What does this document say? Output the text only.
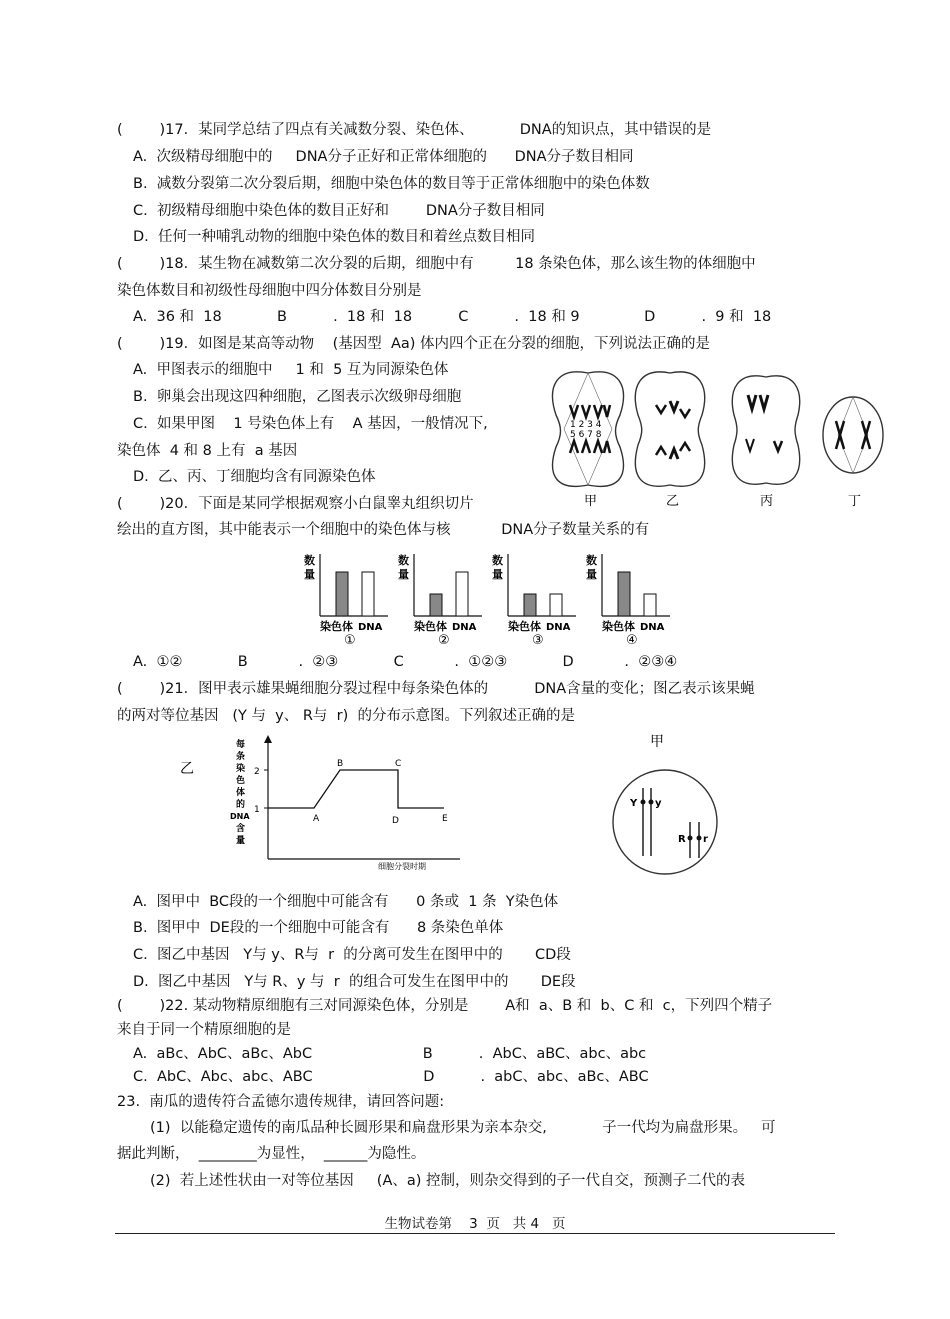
(        )17．某同学总结了四点有关减数分裂、染色体、          DNA的知识点，其中错误的是
A.  次级精母细胞中的     DNA分子正好和正常体细胞的      DNA分子数目相同
B.  减数分裂第二次分裂后期，细胞中染色体的数目等于正常体细胞中的染色体数
C.  初级精母细胞中染色体的数目正好和        DNA分子数目相同
D.  任何一种哺乳动物的细胞中染色体的数目和着丝点数目相同
(        )18．某生物在减数第二次分裂的后期，细胞中有         18 条染色体，那么该生物的体细胞中
染色体数目和初级性母细胞中四分体数目分别是
A.  36 和  18            B          .  18 和  18          C          .  18 和 9              D          .  9 和  18
(        )19．如图是某高等动物    (基因型  Aa) 体内四个正在分裂的细胞，下列说法正确的是
A.  甲图表示的细胞中     1 和  5 互为同源染色体
B.  卵巢会出现这四种细胞，乙图表示次级卵母细胞
C.  如果甲图    1 号染色体上有    A 基因，一般情况下,
染色体  4 和 8 上有  a 基因
D.  乙、丙、丁细胞均含有同源染色体
(        )20．下面是某同学根据观察小白鼠睾丸组织切片
绘出的直方图，其中能表示一个细胞中的染色体与核           DNA分子数量关系的有
A.  ①②            B           .  ②③            C           .  ①②③            D           .  ②③④
(        )21．图甲表示雄果蝇细胞分裂过程中每条染色体的          DNA含量的变化；图乙表示该果蝇
的两对等位基因   (Y 与  y、 R与  r)  的分布示意图。下列叙述正确的是
A.  图甲中  BC段的一个细胞中可能含有      0 条或  1 条  Y染色体
B.  图甲中  DE段的一个细胞中可能含有      8 条染色单体
C.  图乙中基因   Y与 y、R与  r  的分离可发生在图甲中的       CD段
D.  图乙中基因   Y与 R、y 与  r  的组合可发生在图甲中的       DE段
(        )22. 某动物精原细胞有三对同源染色体，分别是        A和  a、B 和  b、C 和  c，下列四个精子
来自于同一个精原细胞的是
A.  aBc、AbC、aBc、AbC                        B          .  AbC、aBC、abc、abc
C.  AbC、Abc、abc、ABC                        D          .  abC、abc、aBc、ABC
23.  南瓜的遗传符合孟德尔遗传规律，请回答问题:
(1)  以能稳定遗传的南瓜品种长圆形果和扁盘形果为亲本杂交,            子一代均为扁盘形果。   可
据此判断，  ________为显性，  ______为隐性。
(2)  若上述性状由一对等位基因     (A、a) 控制，则杂交得到的子一代自交，预测子二代的表
1 2 3 4
5 6 7 8
甲	乙	丙	丁
数
量
染色体 DNA
①
数
量
染色体 DNA
②
数
量
染色体 DNA
③
数
量
染色体 DNA
④
乙
每
条
染
色
体
的
DNA
含
量
2
1
A
B	C
D	E
细胞分裂时期
甲
Y y
R r
生物试卷第    3  页   共 4   页
